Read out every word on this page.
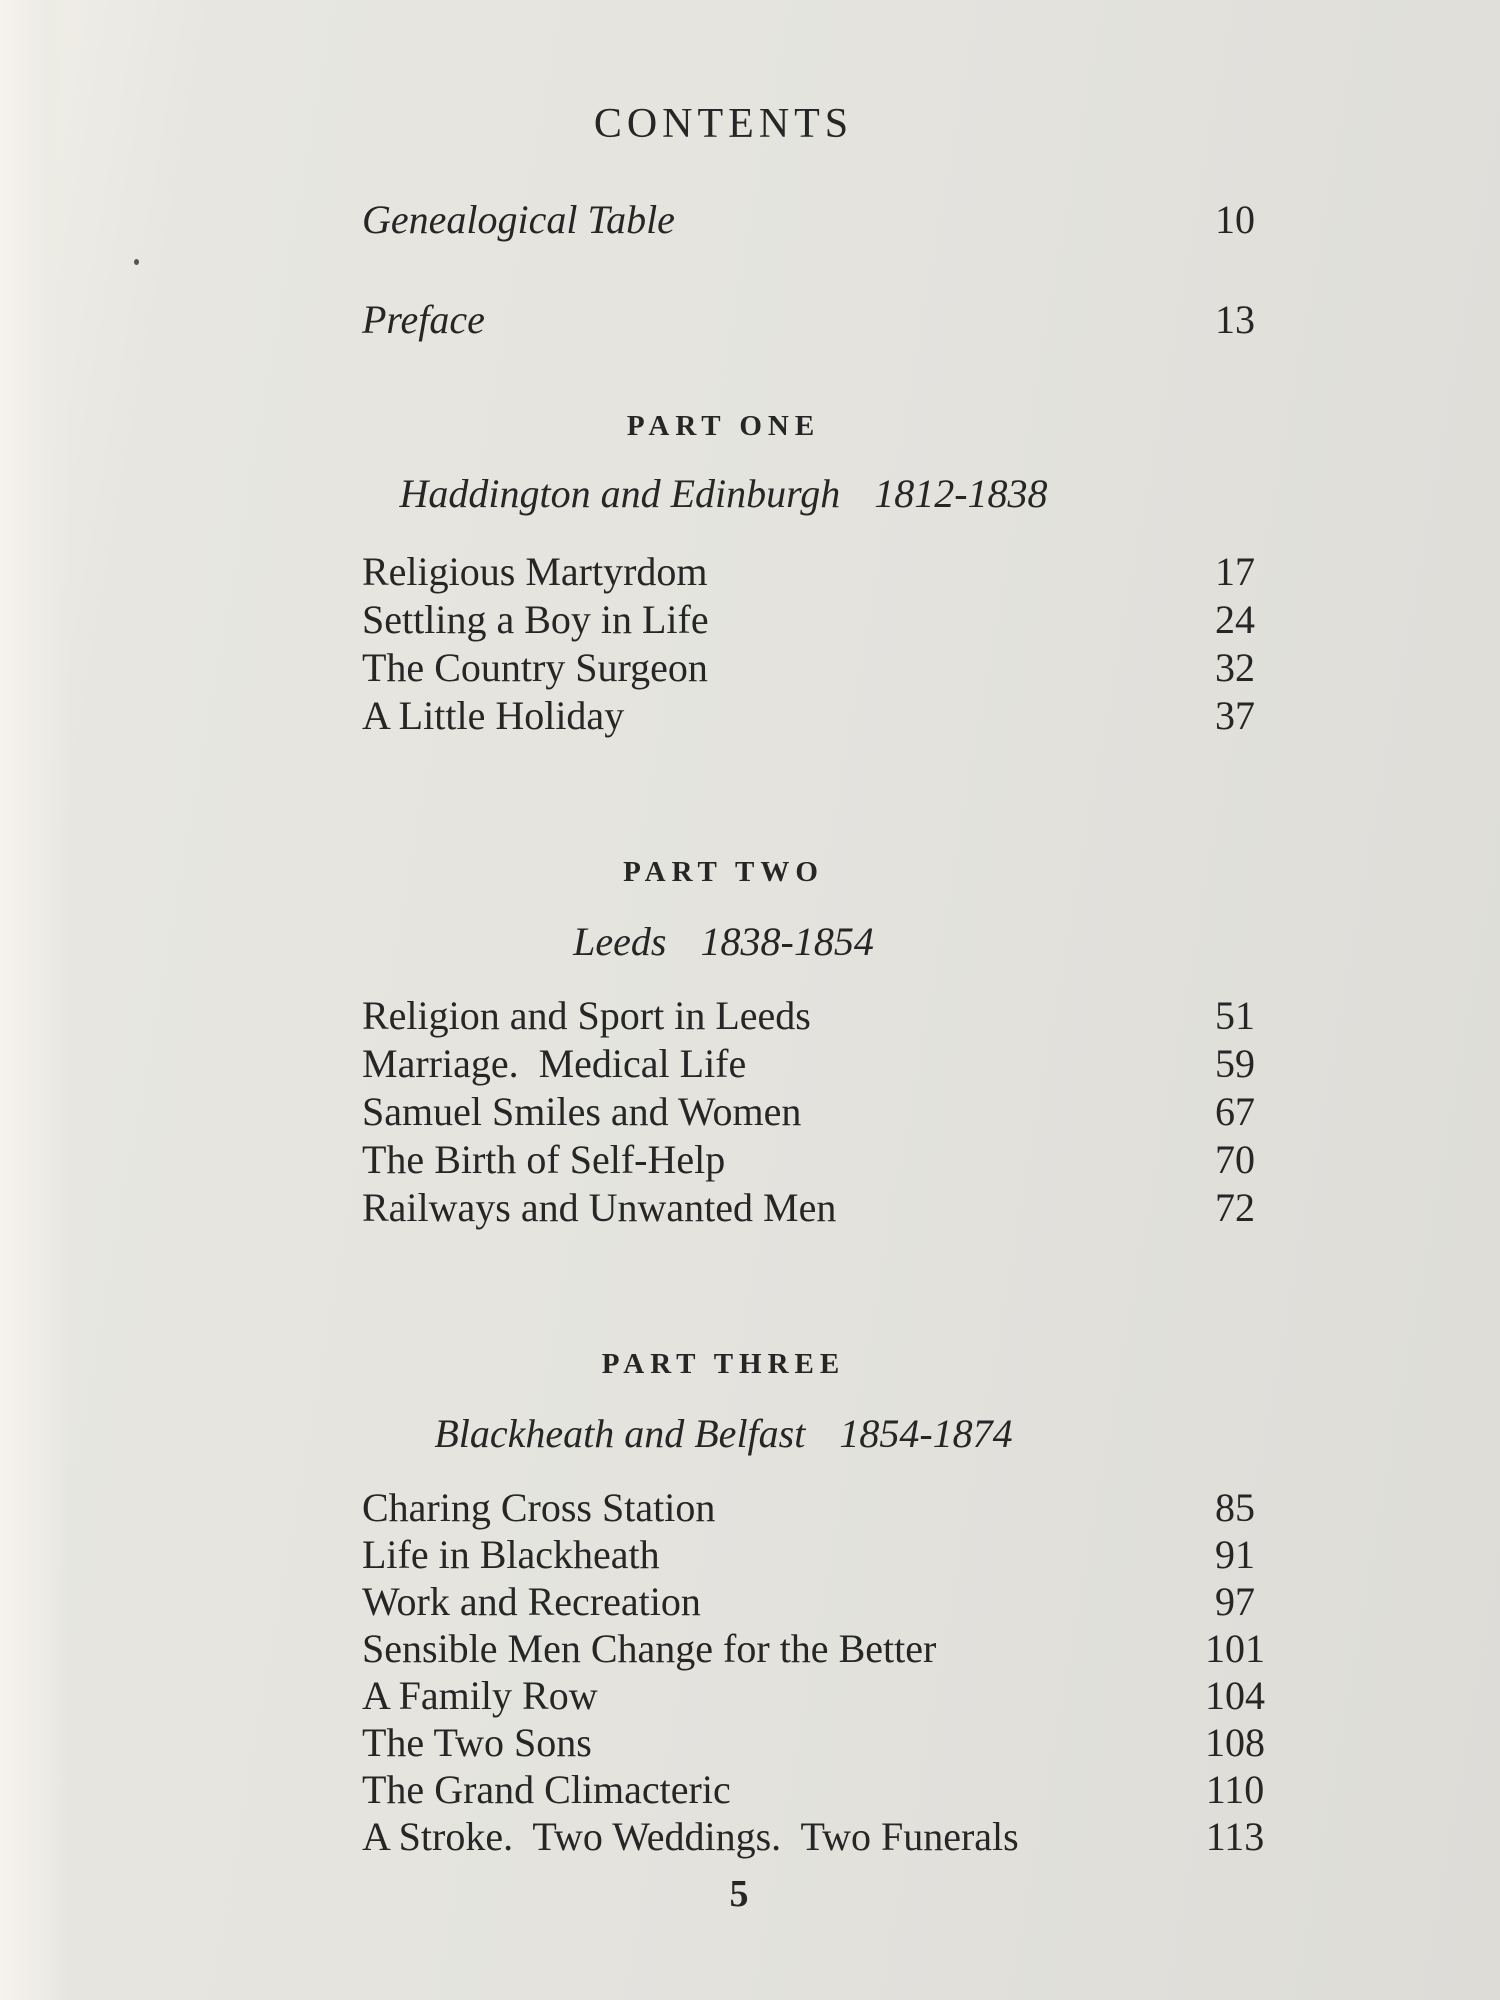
CONTENTS
Genealogical Table	10
Preface	13
PART ONE
Haddington and Edinburgh 1812-1838
Religious Martyrdom	17
Settling a Boy in Life	24
The Country Surgeon	32
A Little Holiday	37
PART TWO
Leeds 1838-1854
Religion and Sport in Leeds	51
Marriage.  Medical Life	59
Samuel Smiles and Women	67
The Birth of Self-Help	70
Railways and Unwanted Men	72
PART THREE
Blackheath and Belfast 1854-1874
Charing Cross Station	85
Life in Blackheath	91
Work and Recreation	97
Sensible Men Change for the Better	101
A Family Row	104
The Two Sons	108
The Grand Climacteric	110
A Stroke.  Two Weddings.  Two Funerals	113
5
